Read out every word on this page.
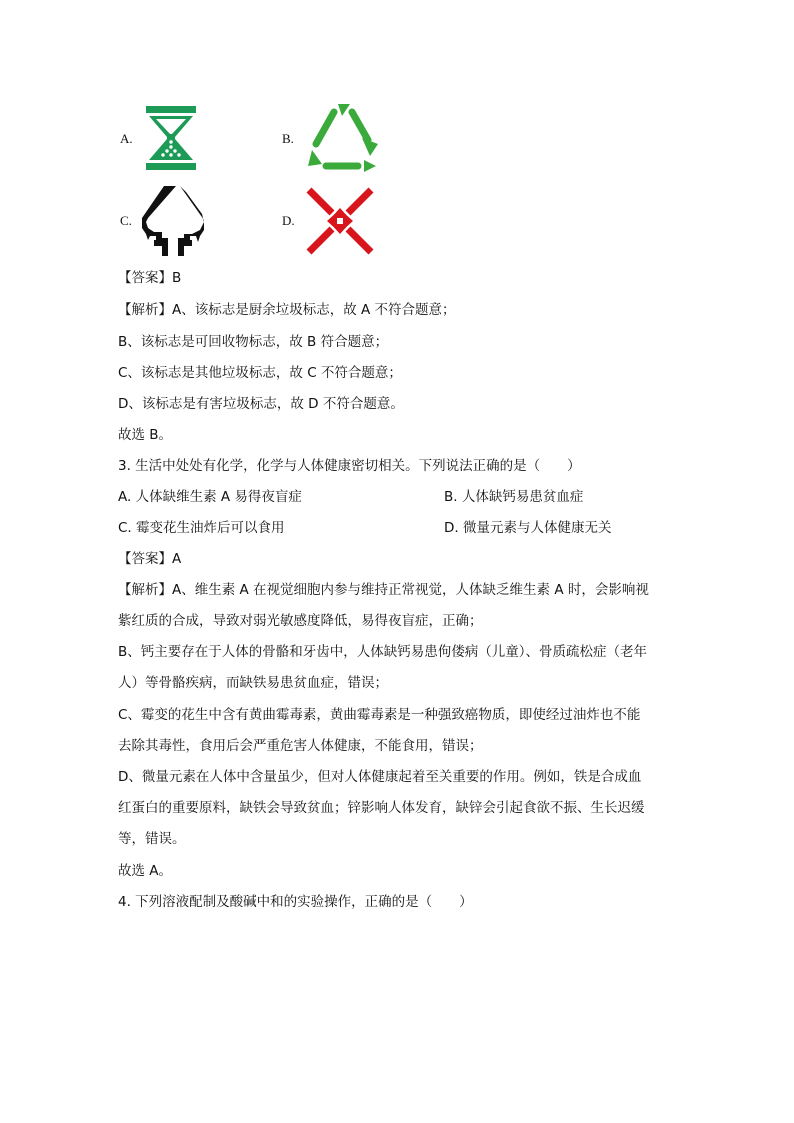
A.	B.
C.	D.
【答案】B
【解析】A、该标志是厨余垃圾标志，故 A 不符合题意；
B、该标志是可回收物标志，故 B 符合题意；
C、该标志是其他垃圾标志，故 C 不符合题意；
D、该标志是有害垃圾标志，故 D 不符合题意。
故选 B。
3. 生活中处处有化学，化学与人体健康密切相关。下列说法正确的是（　　）
A. 人体缺维生素 A 易得夜盲症	B. 人体缺钙易患贫血症
C. 霉变花生油炸后可以食用	D. 微量元素与人体健康无关
【答案】A
【解析】A、维生素 A 在视觉细胞内参与维持正常视觉，人体缺乏维生素 A 时，会影响视
紫红质的合成，导致对弱光敏感度降低，易得夜盲症，正确；
B、钙主要存在于人体的骨骼和牙齿中，人体缺钙易患佝偻病（儿童）、骨质疏松症（老年
人）等骨骼疾病，而缺铁易患贫血症，错误；
C、霉变的花生中含有黄曲霉毒素，黄曲霉毒素是一种强致癌物质，即使经过油炸也不能
去除其毒性，食用后会严重危害人体健康，不能食用，错误；
D、微量元素在人体中含量虽少，但对人体健康起着至关重要的作用。例如，铁是合成血
红蛋白的重要原料，缺铁会导致贫血；锌影响人体发育，缺锌会引起食欲不振、生长迟缓
等，错误。
故选 A。
4. 下列溶液配制及酸碱中和的实验操作，正确的是（　　）
